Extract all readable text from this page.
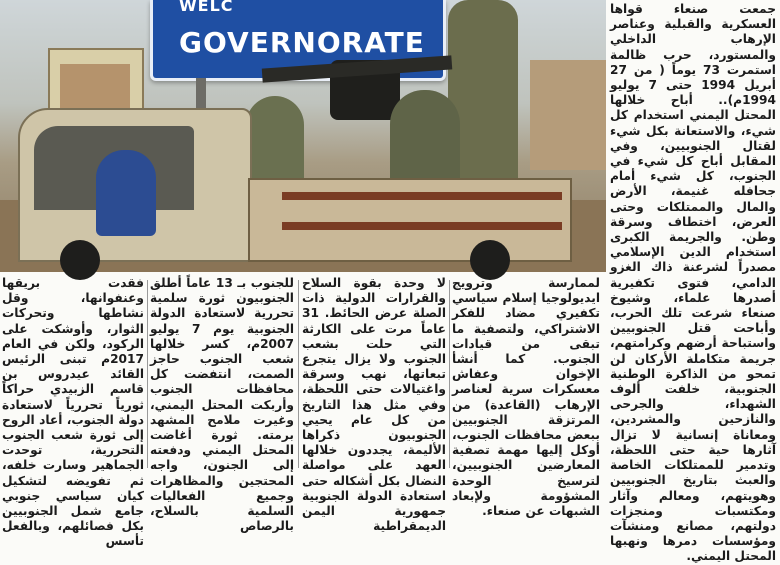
WELC
GOVERNORATE

جمعت صنعاء قواها العسكرية والقبلية وعناصر الإرهاب الداخلي والمستورد، حرب ظالمة استمرت 73 يوماً ( من 27 أبريل 1994 حتى 7 يوليو 1994م).. أباح خلالها المحتل اليمني استخدام كل شيء، والاستعانة بكل شيء لقتال الجنوبيين، وفي المقابل أباح كل شيء في الجنوب، كل شيء أمام جحافله غنيمة، الأرض والمال والممتلكات وحتى العرض، اختطاف وسرقة وطن. والجريمة الكبرى استخدام الدين الإسلامي مصدراً لشرعنة ذاك الغزو الدامي، فتوى تكفيرية أصدرها علماء، وشيوخ صنعاء شرعت تلك الحرب، وأباحت قتل الجنوبيين واستباحة أرضهم وكرامتهم، جريمة متكاملة الأركان لن تمحو من الذاكرة الوطنية الجنوبية، خلفت ألوف الشهداء، والجرحى والنازحين والمشردين، ومعاناة إنسانية لا تزال آثارها حية حتى اللحظة، وتدمير للممتلكات الخاصة والعبث بتاريخ الجنوبيين وهويتهم، ومعالم وآثار ومكتسبات ومنجزات دولتهم، مصانع ومنشآت ومؤسسات دمرها ونهبها المحتل اليمني.

لممارسة وترويج ايديولوجيا إسلام سياسي تكفيري مضاد للفكر الاشتراكي، ولتصفية ما تبقى من قيادات الجنوب. كما أنشأ الإخوان وعفاش معسكرات سرية لعناصر الإرهاب (القاعدة) من المرتزقة الجنوبيين ببعض محافظات الجنوب، أوكل إليها مهمة تصفية المعارضين الجنوبيين، لترسيخ الوحدة المشؤومة ولإبعاد الشبهات عن صنعاء.

لا وحدة بقوة السلاح والقرارات الدولية ذات الصلة عرض الحائط. 31 عاماً مرت على الكارثة التي حلت بشعب الجنوب ولا يزال يتجرع تبعاتها، نهب وسرقة واغتيالات حتى اللحظة، وفي مثل هذا التاريخ من كل عام يحيي الجنوبيون ذكراها الأليمة، يجددون خلالها العهد على مواصلة النضال بكل أشكاله حتى استعادة الدولة الجنوبية جمهورية اليمن الديمقراطية

للجنوب بـ 13 عاماً أطلق الجنوبيون ثورة سلمية تحررية لاستعادة الدولة الجنوبية يوم 7 يوليو 2007م، كسر خلالها شعب الجنوب حاجز الصمت، انتفضت كل محافظات الجنوب وأربكت المحتل اليمني، وغيرت ملامح المشهد برمته. ثورة أغاضت المحتل اليمني ودفعته إلى الجنون، واجه المحتجين والمظاهرات وجميع الفعاليات السلمية بالسلاح، بالرصاص

فقدت بريقها وعنفوانها، وقل نشاطها وتحركات الثوار، وأوشكت على الركود، ولكن في العام 2017م تبنى الرئيس القائد عيدروس بن قاسم الزبيدي حراكاً ثورياً تحررياً لاستعادة دولة الجنوب، أعاد الروح إلى ثورة شعب الجنوب التحررية، توحدت الجماهير وسارت خلفه، ثم تفويضه لتشكيل كيان سياسي جنوبي جامع شمل الجنوبيين بكل فصائلهم، وبالفعل تأسس
